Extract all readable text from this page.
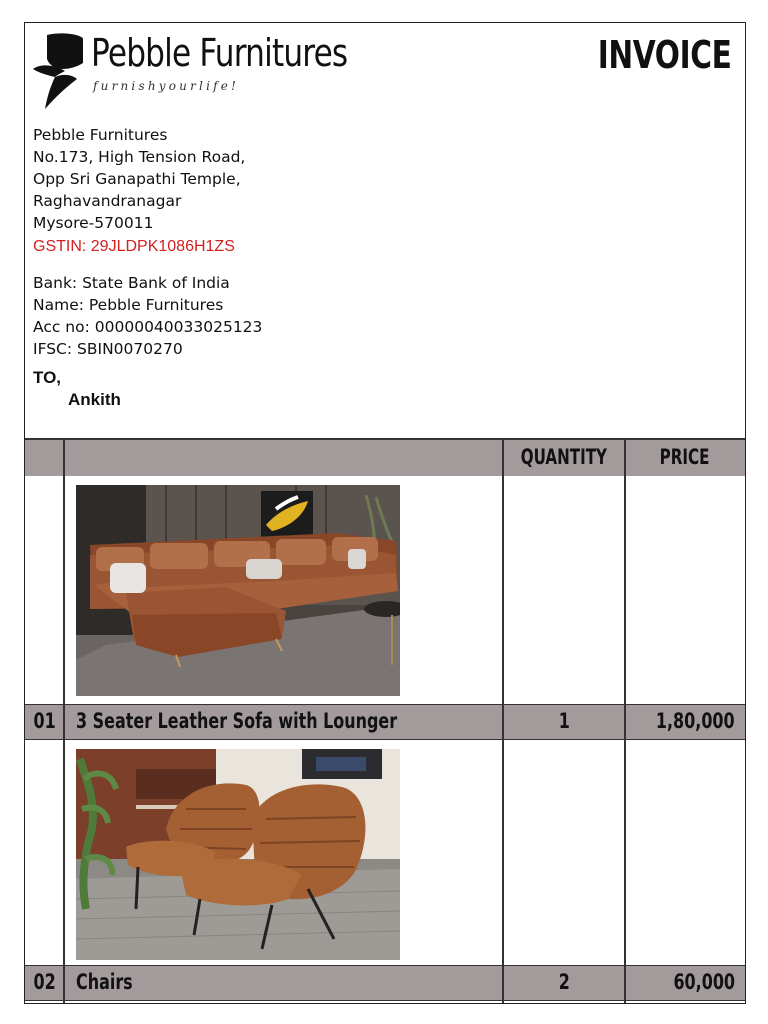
Pebble Furnitures
furnishyourlife!
INVOICE
Pebble Furnitures
No.173, High Tension Road,
Opp Sri Ganapathi Temple,
Raghavandranagar
Mysore-570011
GSTIN: 29JLDPK1086H1ZS
Bank: State Bank of India
Name: Pebble Furnitures
Acc no: 00000040033025123
IFSC: SBIN0070270
TO,
Ankith
QUANTITY	PRICE
01 3 Seater Leather Sofa with Lounger	1	1,80,000
02 Chairs	2	60,000
